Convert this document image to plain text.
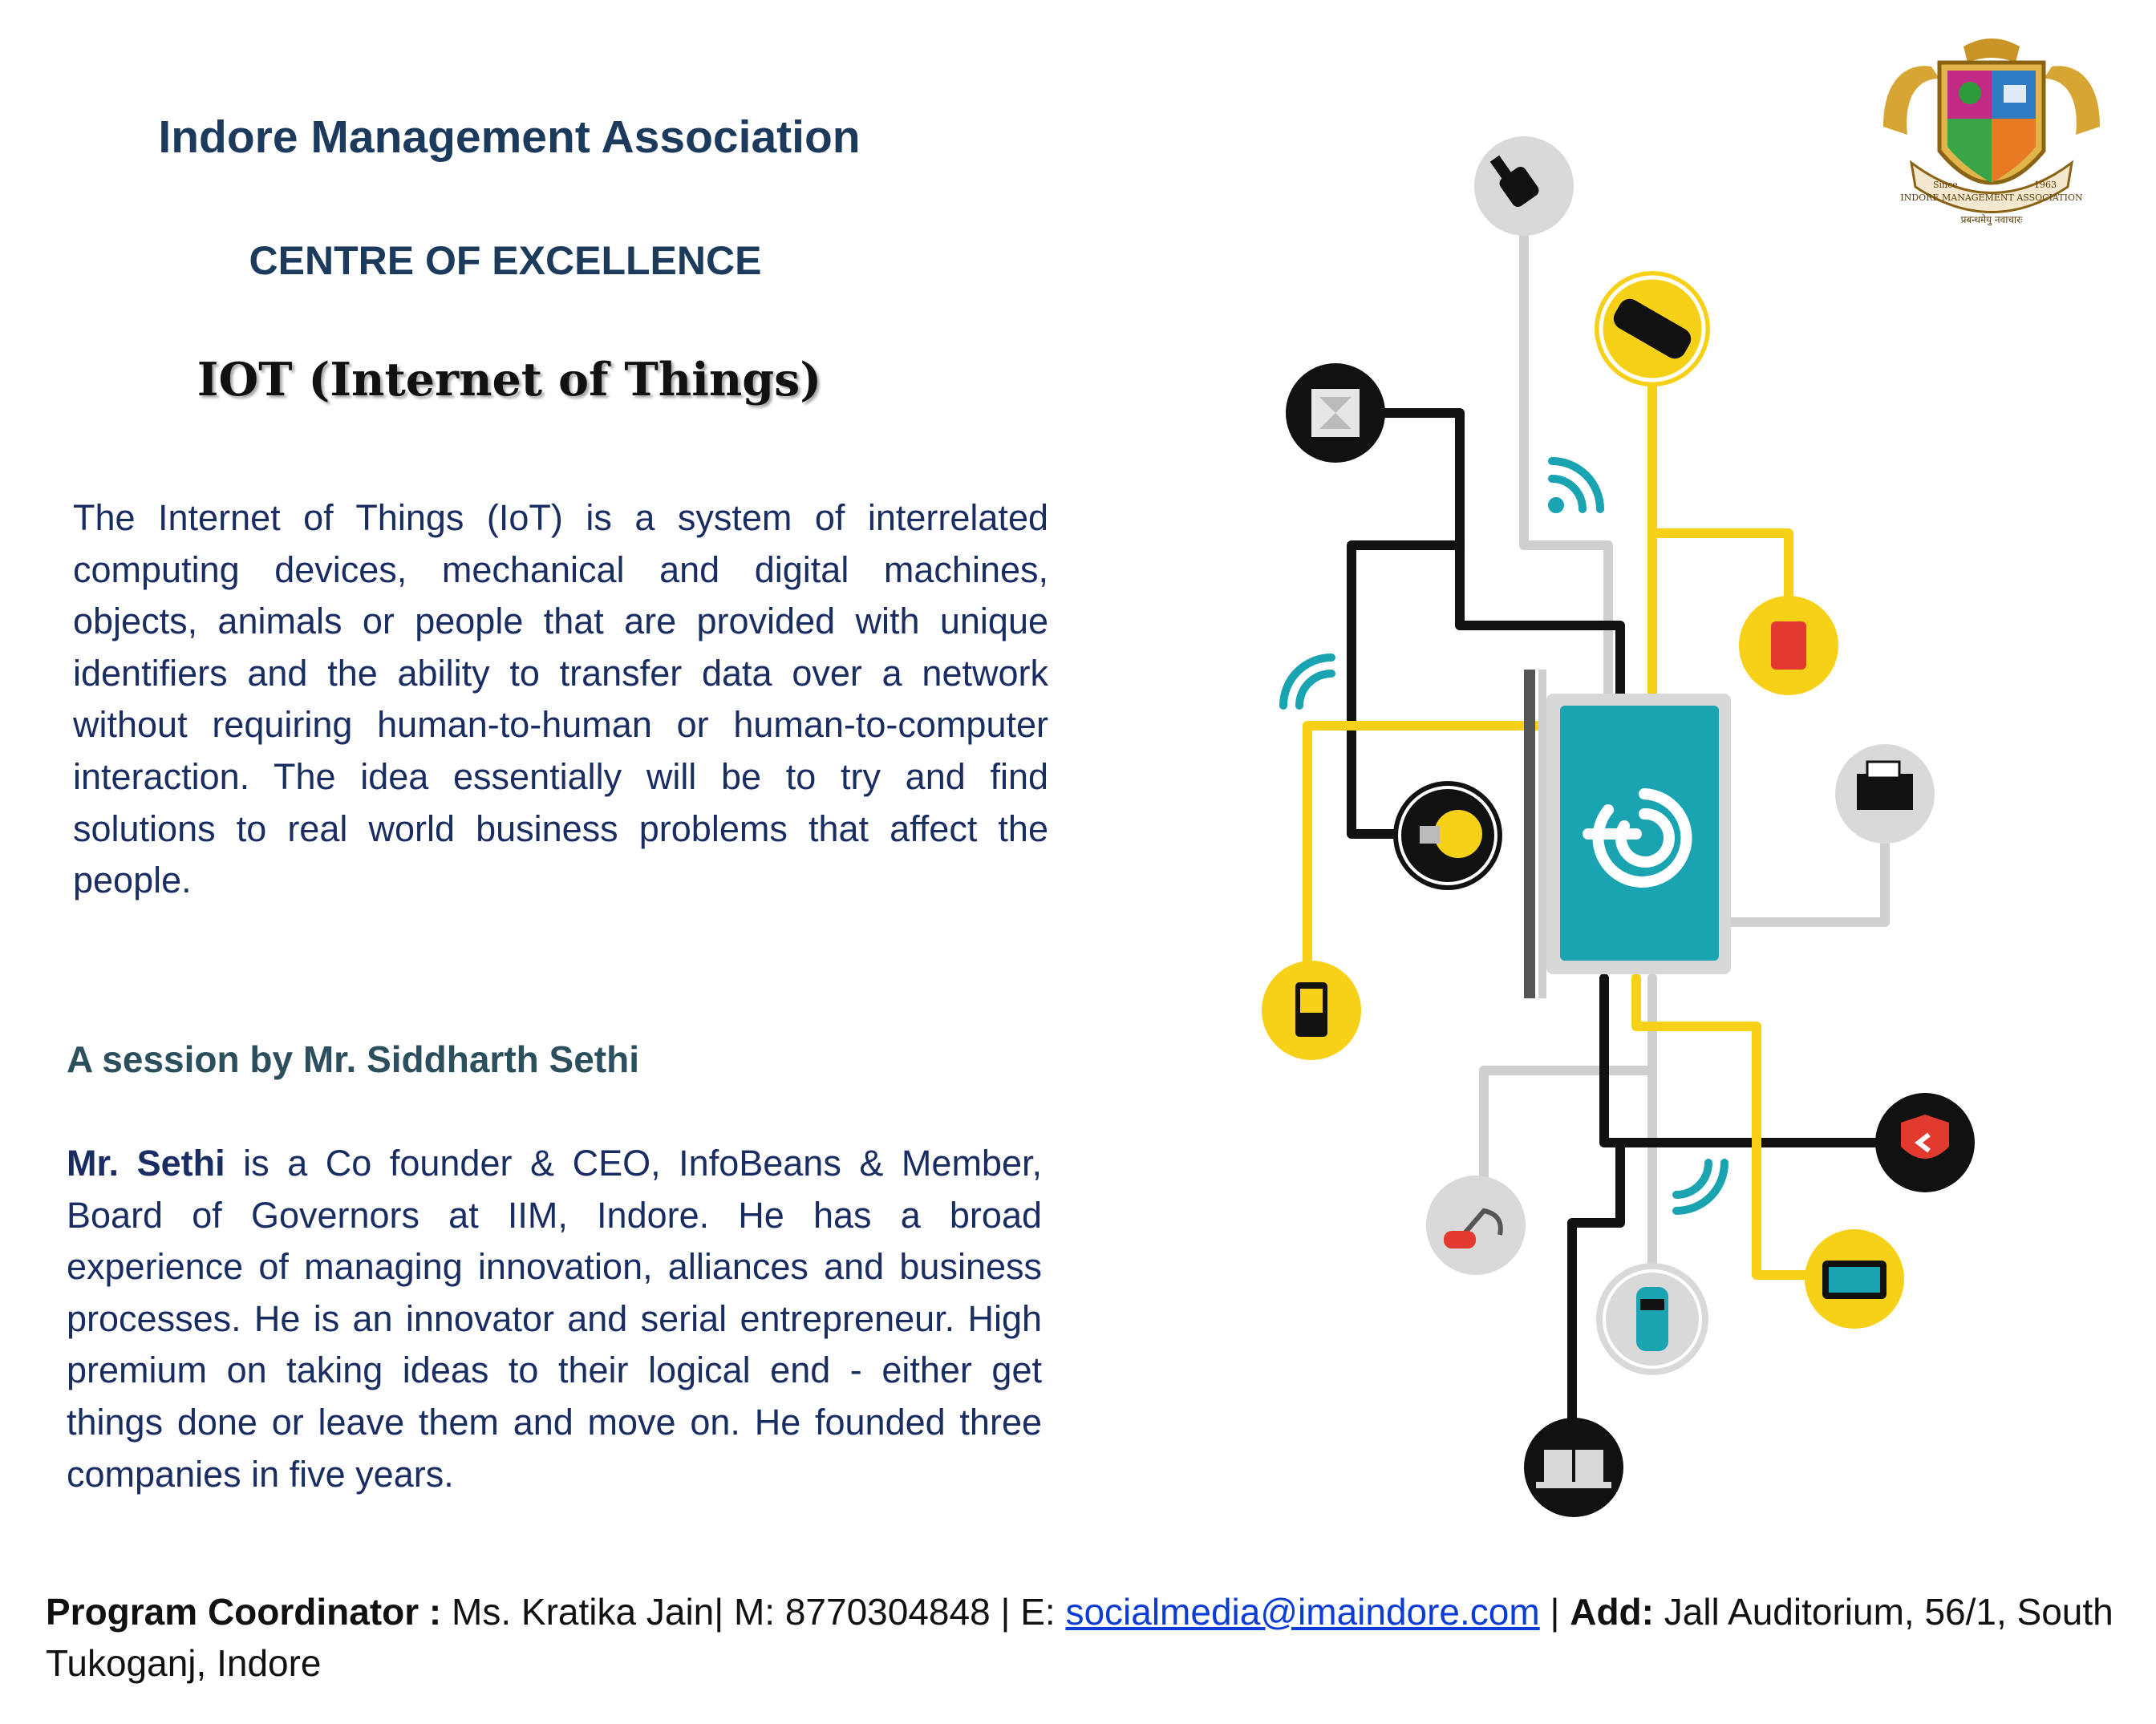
Indore Management Association
CENTRE OF EXCELLENCE
IOT (Internet of Things)
The Internet of Things (IoT) is a system of interrelated computing devices, mechanical and digital machines, objects, animals or people that are provided with unique identifiers and the ability to transfer data over a network without requiring human-to-human or human-to-computer interaction. The idea essentially will be to try and find solutions to real world business problems that affect the people.
A session by Mr. Siddharth Sethi
Mr. Sethi is a Co founder & CEO, InfoBeans & Member, Board of Governors at IIM, Indore. He has a broad experience of managing innovation, alliances and business processes. He is an innovator and serial entrepreneur. High premium on taking ideas to their logical end - either get things done or leave them and move on. He founded three companies in five years.
Program Coordinator : Ms. Kratika Jain| M: 8770304848 | E: socialmedia@imaindore.com | Add: Jall Auditorium, 56/1, South Tukoganj, Indore
INDORE MANAGEMENT ASSOCIATION
Since	1963
प्रबन्धमेयु नवाचारः
